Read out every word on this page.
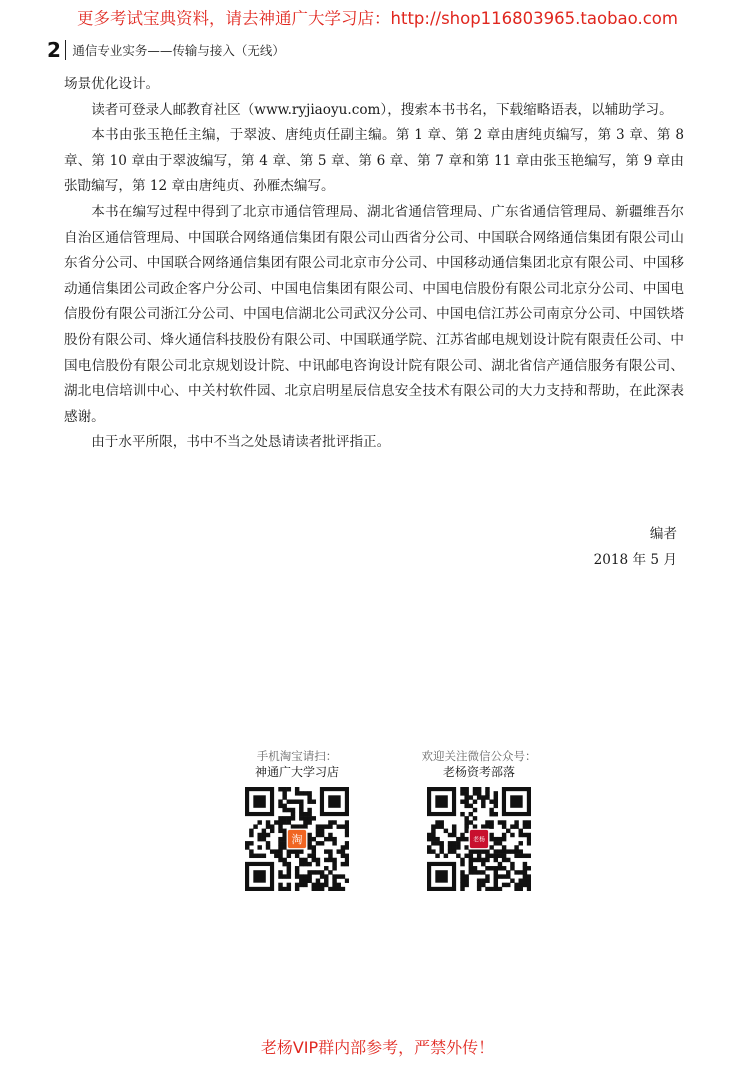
更多考试宝典资料，请去神通广大学习店：http://shop116803965.taobao.com
2 通信专业实务——传输与接入（无线）

场景优化设计。

读者可登录人邮教育社区（www.ryjiaoyu.com），搜索本书书名，下载缩略语表，以辅助学习。

本书由张玉艳任主编，于翠波、唐纯贞任副主编。第 1 章、第 2 章由唐纯贞编写，第 3 章、第 8 章、第 10 章由于翠波编写，第 4 章、第 5 章、第 6 章、第 7 章和第 11 章由张玉艳编写，第 9 章由张勖编写，第 12 章由唐纯贞、孙雁杰编写。

本书在编写过程中得到了北京市通信管理局、湖北省通信管理局、广东省通信管理局、新疆维吾尔自治区通信管理局、中国联合网络通信集团有限公司山西省分公司、中国联合网络通信集团有限公司山东省分公司、中国联合网络通信集团有限公司北京市分公司、中国移动通信集团北京有限公司、中国移动通信集团公司政企客户分公司、中国电信集团有限公司、中国电信股份有限公司北京分公司、中国电信股份有限公司浙江分公司、中国电信湖北公司武汉分公司、中国电信江苏公司南京分公司、中国铁塔股份有限公司、烽火通信科技股份有限公司、中国联通学院、江苏省邮电规划设计院有限责任公司、中国电信股份有限公司北京规划设计院、中讯邮电咨询设计院有限公司、湖北省信产通信服务有限公司、湖北电信培训中心、中关村软件园、北京启明星辰信息安全技术有限公司的大力支持和帮助，在此深表感谢。

由于水平所限，书中不当之处恳请读者批评指正。

编者
2018 年 5 月
手机淘宝请扫：
神通广大学习店
淘
欢迎关注微信公众号：
老杨资考部落
老杨
老杨VIP群内部参考，严禁外传！
